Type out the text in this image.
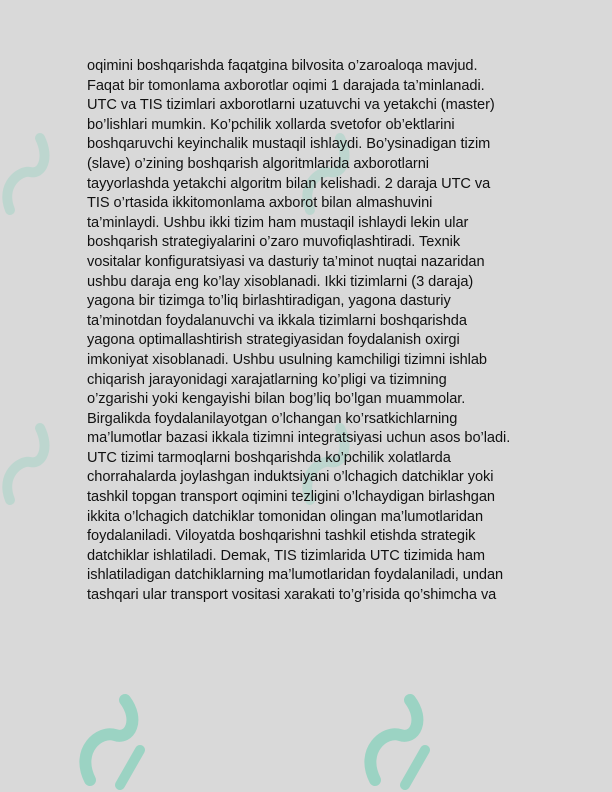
oqimini boshqarishda faqatgina bilvosita o’zaroaloqa mavjud.
Faqat bir tomonlama axborotlar oqimi 1 darajada ta’minlanadi.
UTC va TIS tizimlari axborotlarni uzatuvchi va yetakchi (master)
bo’lishlari mumkin. Ko’pchilik xollarda svetofor ob’ektlarini
boshqaruvchi keyinchalik mustaqil ishlaydi. Bo’ysinadigan tizim
(slave) o’zining boshqarish algoritmlarida axborotlarni
tayyorlashda yetakchi algoritm bilan kelishadi. 2 daraja UTC va
TIS o’rtasida ikkitomonlama axborot bilan almashuvini
ta’minlaydi. Ushbu ikki tizim ham mustaqil ishlaydi lekin ular
boshqarish strategiyalarini o’zaro muvofiqlashtiradi. Texnik
vositalar konfiguratsiyasi va dasturiy ta’minot nuqtai nazaridan
ushbu daraja eng ko’lay xisoblanadi. Ikki tizimlarni (3 daraja)
yagona bir tizimga to’liq birlashtiradigan, yagona dasturiy
ta’minotdan foydalanuvchi va ikkala tizimlarni boshqarishda
yagona optimallashtirish strategiyasidan foydalanish oxirgi
imkoniyat xisoblanadi. Ushbu usulning kamchiligi tizimni ishlab
chiqarish jarayonidagi xarajatlarning ko’pligi va tizimning
o’zgarishi yoki kengayishi bilan bog’liq bo’lgan muammolar.
Birgalikda foydalanilayotgan o’lchangan ko’rsatkichlarning
ma’lumotlar bazasi ikkala tizimni integratsiyasi uchun asos bo’ladi.
UTC tizimi tarmoqlarni boshqarishda ko’pchilik xolatlarda
chorrahalarda joylashgan induktsiyani o’lchagich datchiklar yoki
tashkil topgan transport oqimini tezligini o’lchaydigan birlashgan
ikkita o’lchagich datchiklar tomonidan olingan ma’lumotlaridan
foydalaniladi. Viloyatda boshqarishni tashkil etishda strategik
datchiklar ishlatiladi. Demak, TIS tizimlarida UTC tizimida ham
ishlatiladigan datchiklarning ma’lumotlaridan foydalaniladi, undan
tashqari ular transport vositasi xarakati to’g’risida qo’shimcha va
